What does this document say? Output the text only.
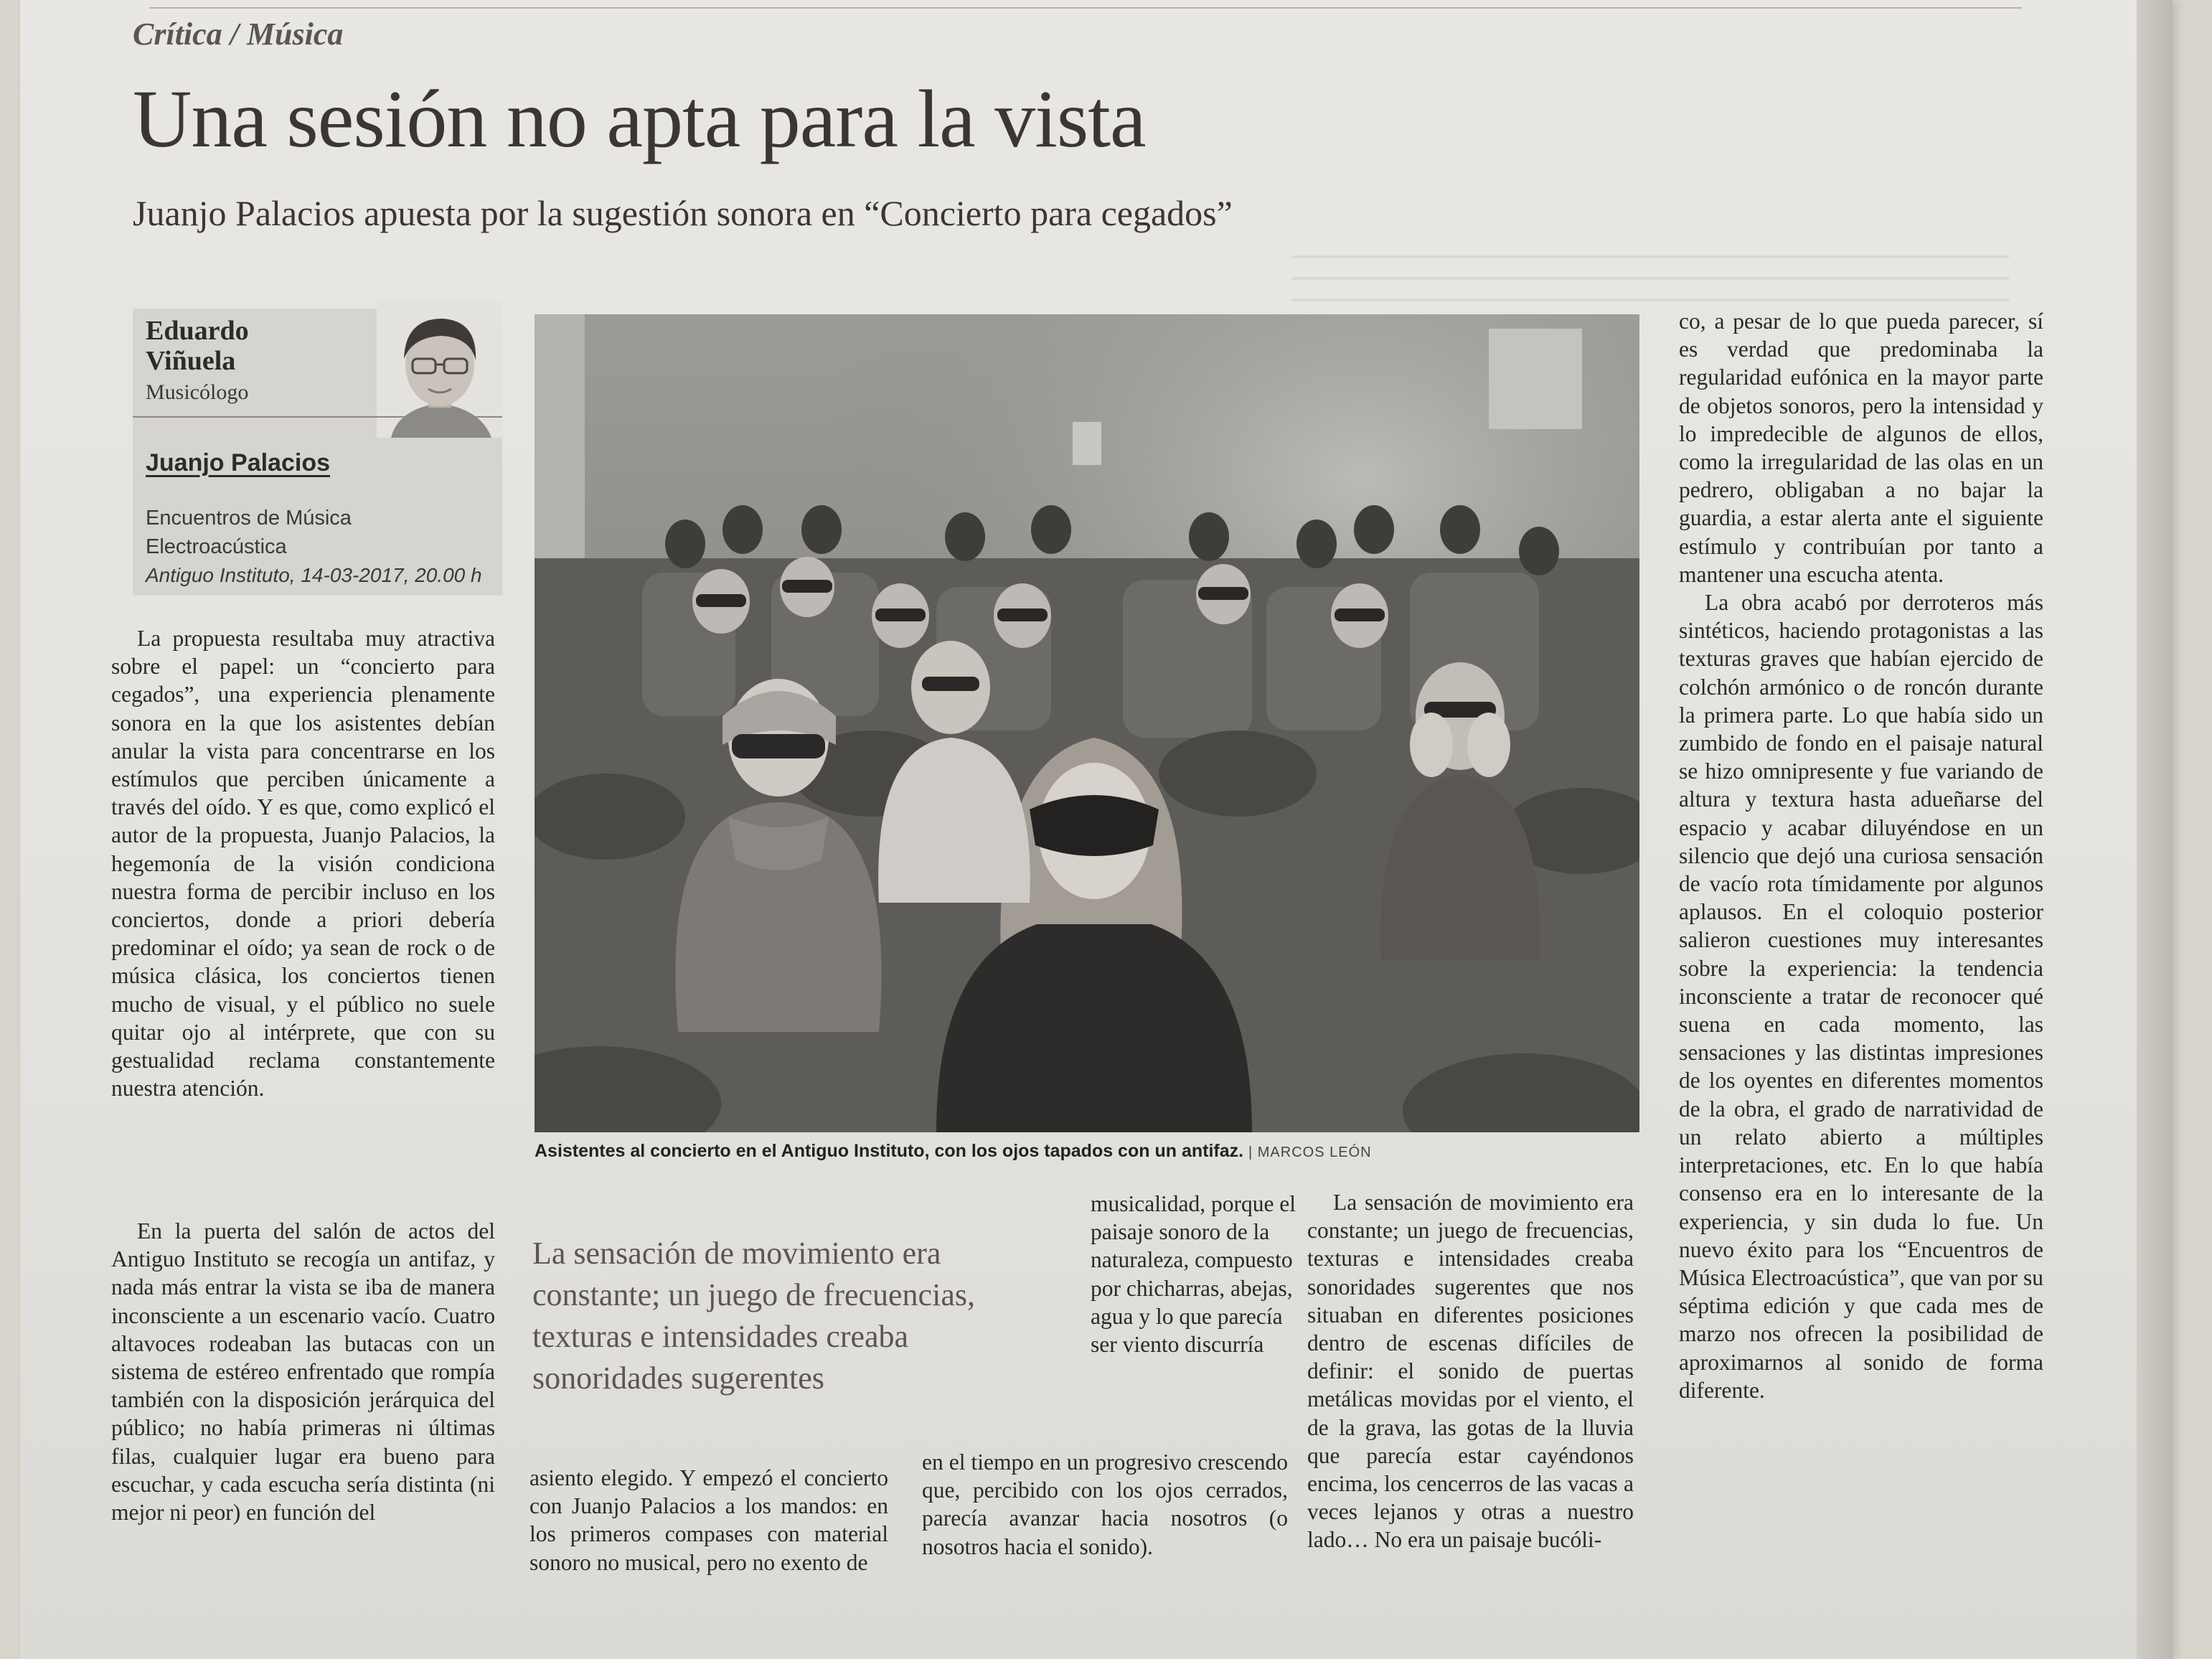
Crítica / Música
Una sesión no apta para la vista
Juanjo Palacios apuesta por la sugestión sonora en “Concierto para cegados”
Eduardo Viñuela
Musicólogo
Juanjo Palacios
Encuentros de Música Electroacústica
Antiguo Instituto, 14-03-2017, 20.00 h
Asistentes al concierto en el Antiguo Instituto, con los ojos tapados con un antifaz. | MARCOS LEÓN

La propuesta resultaba muy atractiva sobre el papel: un “concierto para cegados”, una experiencia plenamente sonora en la que los asistentes debían anular la vista para concentrarse en los estímulos que perciben únicamente a través del oído. Y es que, como explicó el autor de la propuesta, Juanjo Palacios, la hegemonía de la visión condiciona nuestra forma de percibir incluso en los conciertos, donde a priori debería predominar el oído; ya sean de rock o de música clásica, los conciertos tienen mucho de visual, y el público no suele quitar ojo al intérprete, que con su gestualidad reclama constantemente nuestra atención.

En la puerta del salón de actos del Antiguo Instituto se recogía un antifaz, y nada más entrar la vista se iba de manera inconsciente a un escenario vacío. Cuatro altavoces rodeaban las butacas con un sistema de estéreo enfrentado que rompía también con la disposición jerárquica del público; no había primeras ni últimas filas, cualquier lugar era bueno para escuchar, y cada escucha sería distinta (ni mejor ni peor) en función del

La sensación de movimiento era constante; un juego de frecuencias, texturas e intensidades creaba sonoridades sugerentes

asiento elegido. Y empezó el concierto con Juanjo Palacios a los mandos: en los primeros compases con material sonoro no musical, pero no exento de

musicalidad, porque el paisaje sonoro de la naturaleza, compuesto por chicharras, abejas, agua y lo que parecía ser viento discurría

en el tiempo en un progresivo crescendo que, percibido con los ojos cerrados, parecía avanzar hacia nosotros (o nosotros hacia el sonido).

La sensación de movimiento era constante; un juego de frecuencias, texturas e intensidades creaba sonoridades sugerentes que nos situaban en diferentes posiciones dentro de escenas difíciles de definir: el sonido de puertas metálicas movidas por el viento, el de la grava, las gotas de la lluvia que parecía estar cayéndonos encima, los cencerros de las vacas a veces lejanos y otras a nuestro lado… No era un paisaje bucóli-

co, a pesar de lo que pueda parecer, sí es verdad que predominaba la regularidad eufónica en la mayor parte de objetos sonoros, pero la intensidad y lo impredecible de algunos de ellos, como la irregularidad de las olas en un pedrero, obligaban a no bajar la guardia, a estar alerta ante el siguiente estímulo y contribuían por tanto a mantener una escucha atenta.

La obra acabó por derroteros más sintéticos, haciendo protagonistas a las texturas graves que habían ejercido de colchón armónico o de roncón durante la primera parte. Lo que había sido un zumbido de fondo en el paisaje natural se hizo omnipresente y fue variando de altura y textura hasta adueñarse del espacio y acabar diluyéndose en un silencio que dejó una curiosa sensación de vacío rota tímidamente por algunos aplausos. En el coloquio posterior salieron cuestiones muy interesantes sobre la experiencia: la tendencia inconsciente a tratar de reconocer qué suena en cada momento, las sensaciones y las distintas impresiones de los oyentes en diferentes momentos de la obra, el grado de narratividad de un relato abierto a múltiples interpretaciones, etc. En lo que había consenso era en lo interesante de la experiencia, y sin duda lo fue. Un nuevo éxito para los “Encuentros de Música Electroacústica”, que van por su séptima edición y que cada mes de marzo nos ofrecen la posibilidad de aproximarnos al sonido de forma diferente.
